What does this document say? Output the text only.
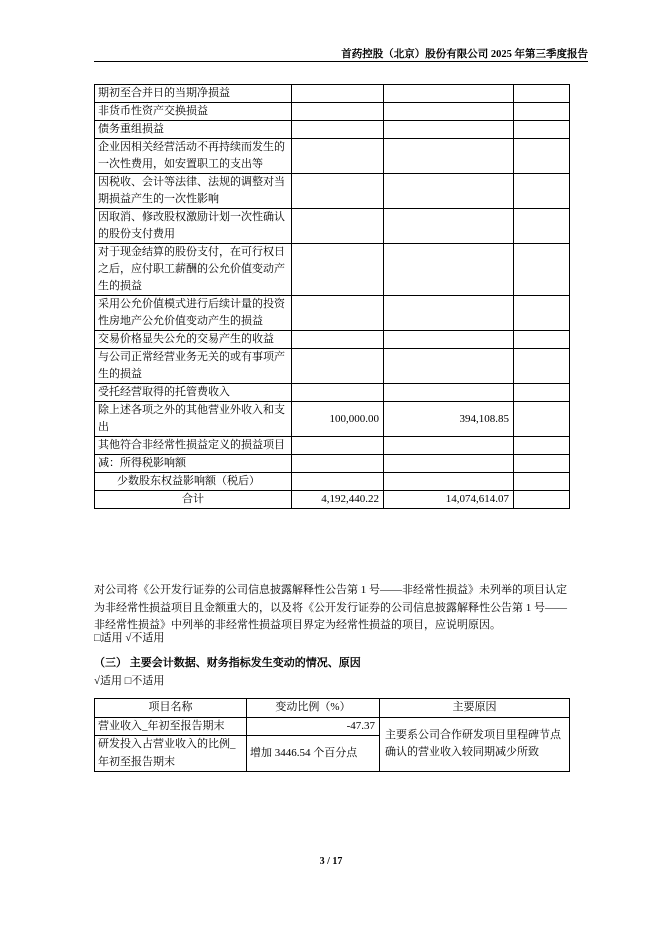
首药控股（北京）股份有限公司 2025 年第三季度报告
期初至合并日的当期净损益			
非货币性资产交换损益			
债务重组损益			
企业因相关经营活动不再持续而发生的一次性费用，如安置职工的支出等			
因税收、会计等法律、法规的调整对当期损益产生的一次性影响			
因取消、修改股权激励计划一次性确认的股份支付费用			
对于现金结算的股份支付，在可行权日之后，应付职工薪酬的公允价值变动产生的损益			
采用公允价值模式进行后续计量的投资性房地产公允价值变动产生的损益			
交易价格显失公允的交易产生的收益			
与公司正常经营业务无关的或有事项产生的损益			
受托经营取得的托管费收入			
除上述各项之外的其他营业外收入和支出	100,000.00	394,108.85	
其他符合非经常性损益定义的损益项目			
减：所得税影响额			
少数股东权益影响额（税后）			
合计	4,192,440.22	14,074,614.07	
对公司将《公开发行证券的公司信息披露解释性公告第 1 号——非经常性损益》未列举的项目认定为非经常性损益项目且金额重大的，以及将《公开发行证券的公司信息披露解释性公告第 1 号——非经常性损益》中列举的非经常性损益项目界定为经常性损益的项目，应说明原因。
□适用 √不适用
（三） 主要会计数据、财务指标发生变动的情况、原因
√适用 □不适用
项目名称	变动比例（%）	主要原因
营业收入_年初至报告期末	-47.37	主要系公司合作研发项目里程碑节点确认的营业收入较同期减少所致
研发投入占营业收入的比例_年初至报告期末	增加 3446.54 个百分点	
3 / 17
